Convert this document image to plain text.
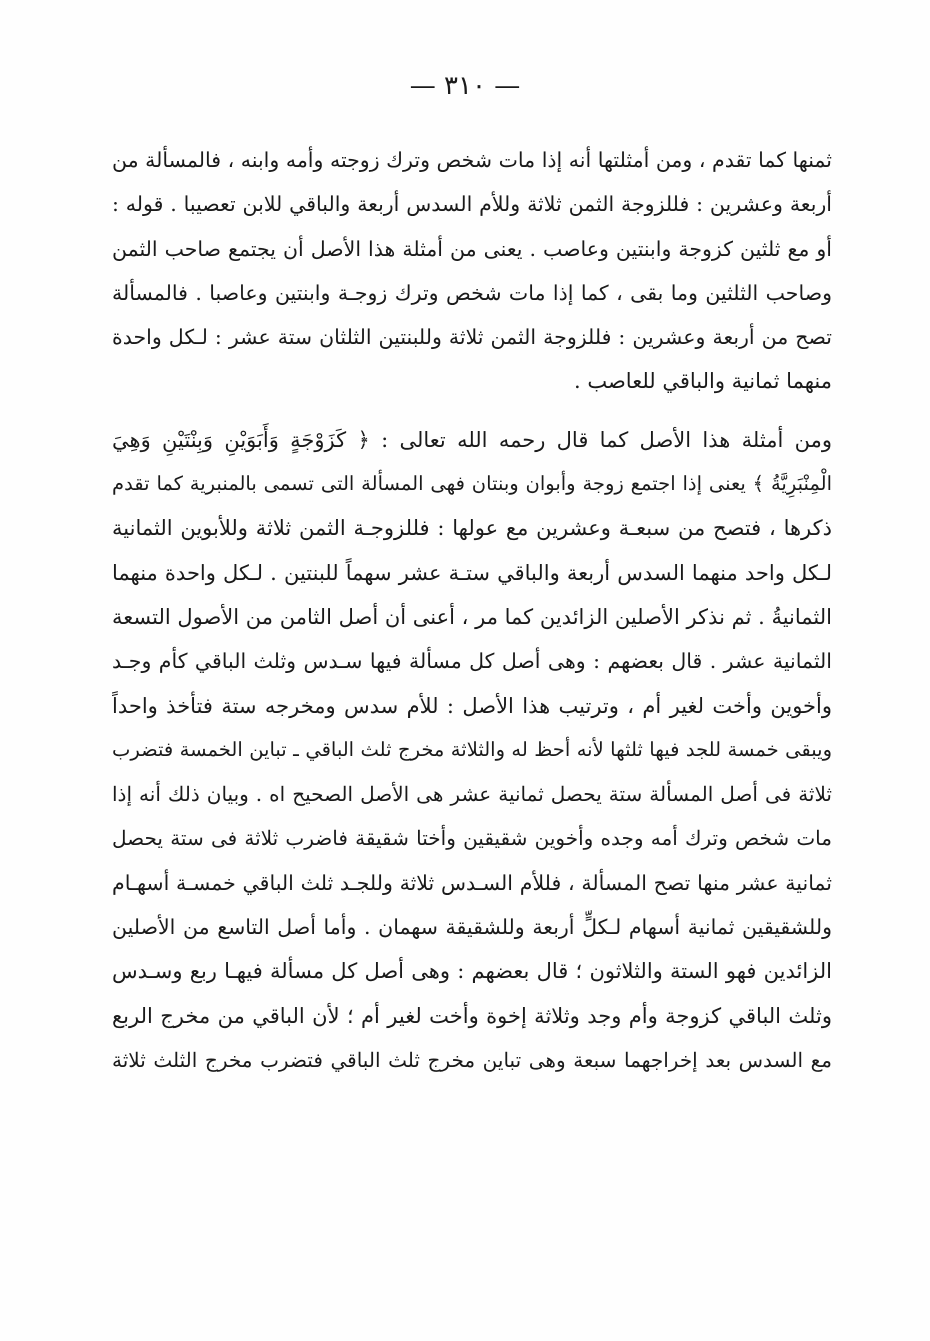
— ٣١٠ —
ثمنها كما تقدم ، ومن أمثلتها أنه إذا مات شخص وترك زوجته وأمه وابنه ، فالمسألة من
أربعة وعشرين : فللزوجة الثمن ثلاثة وللأم السدس أربعة والباقي للابن تعصيبا . قوله :
أو مع ثلثين كزوجة وابنتين وعاصب . يعنى من أمثلة هذا الأصل أن يجتمع صاحب الثمن
وصاحب الثلثين وما بقى ، كما إذا مات شخص وترك زوجـة وابنتين وعاصبا . فالمسألة
تصح من أربعة وعشرين : فللزوجة الثمن ثلاثة وللبنتين الثلثان ستة عشر : لـكل واحدة
منهما ثمانية والباقي للعاصب .
ومن أمثلة هذا الأصل كما قال رحمه الله تعالى : ﴿ كَزَوْجَةٍ وَأَبَوَيْنِ وَبِنْتَيْنِ وَهِيَ
الْمِنْبَرِيَّةُ ﴾ يعنى إذا اجتمع زوجة وأبوان وبنتان فهى المسألة التى تسمى بالمنبرية كما تقدم
ذكرها ، فتصح من سبعـة وعشرين مع عولها : فللزوجـة الثمن ثلاثة وللأبوين الثمانية
لـكل واحد منهما السدس أربعة والباقي ستـة عشر سهماً للبنتين . لـكل واحدة منهما
الثمانيةُ . ثم نذكر الأصلين الزائدين كما مر ، أعنى أن أصل الثامن من الأصول التسعة
الثمانية عشر . قال بعضهم : وهى أصل كل مسألة فيها سـدس وثلث الباقي كأم وجـد
وأخوين وأخت لغير أم ، وترتيب هذا الأصل : للأم سدس ومخرجه ستة فتأخذ واحداً
ويبقى خمسة للجد فيها ثلثها لأنه أحظ له والثلاثة مخرج ثلث الباقي ـ تباين الخمسة فتضرب
ثلاثة فى أصل المسألة ستة يحصل ثمانية عشر هى الأصل الصحيح اه . وبيان ذلك أنه إذا
مات شخص وترك أمه وجده وأخوين شقيقين وأختا شقيقة فاضرب ثلاثة فى ستة يحصل
ثمانية عشر منها تصح المسألة ، فللأم السـدس ثلاثة وللجـد ثلث الباقي خمسـة أسهـام
وللشقيقين ثمانية أسهام لـكلٍّ أربعة وللشقيقة سهمان . وأما أصل التاسع من الأصلين
الزائدين فهو الستة والثلاثون ؛ قال بعضهم : وهى أصل كل مسألة فيهـا ربع وسـدس
وثلث الباقي كزوجة وأم وجد وثلاثة إخوة وأخت لغير أم ؛ لأن الباقي من مخرج الربع
مع السدس بعد إخراجهما سبعة وهى تباين مخرج ثلث الباقي فتضرب مخرج الثلث ثلاثة
